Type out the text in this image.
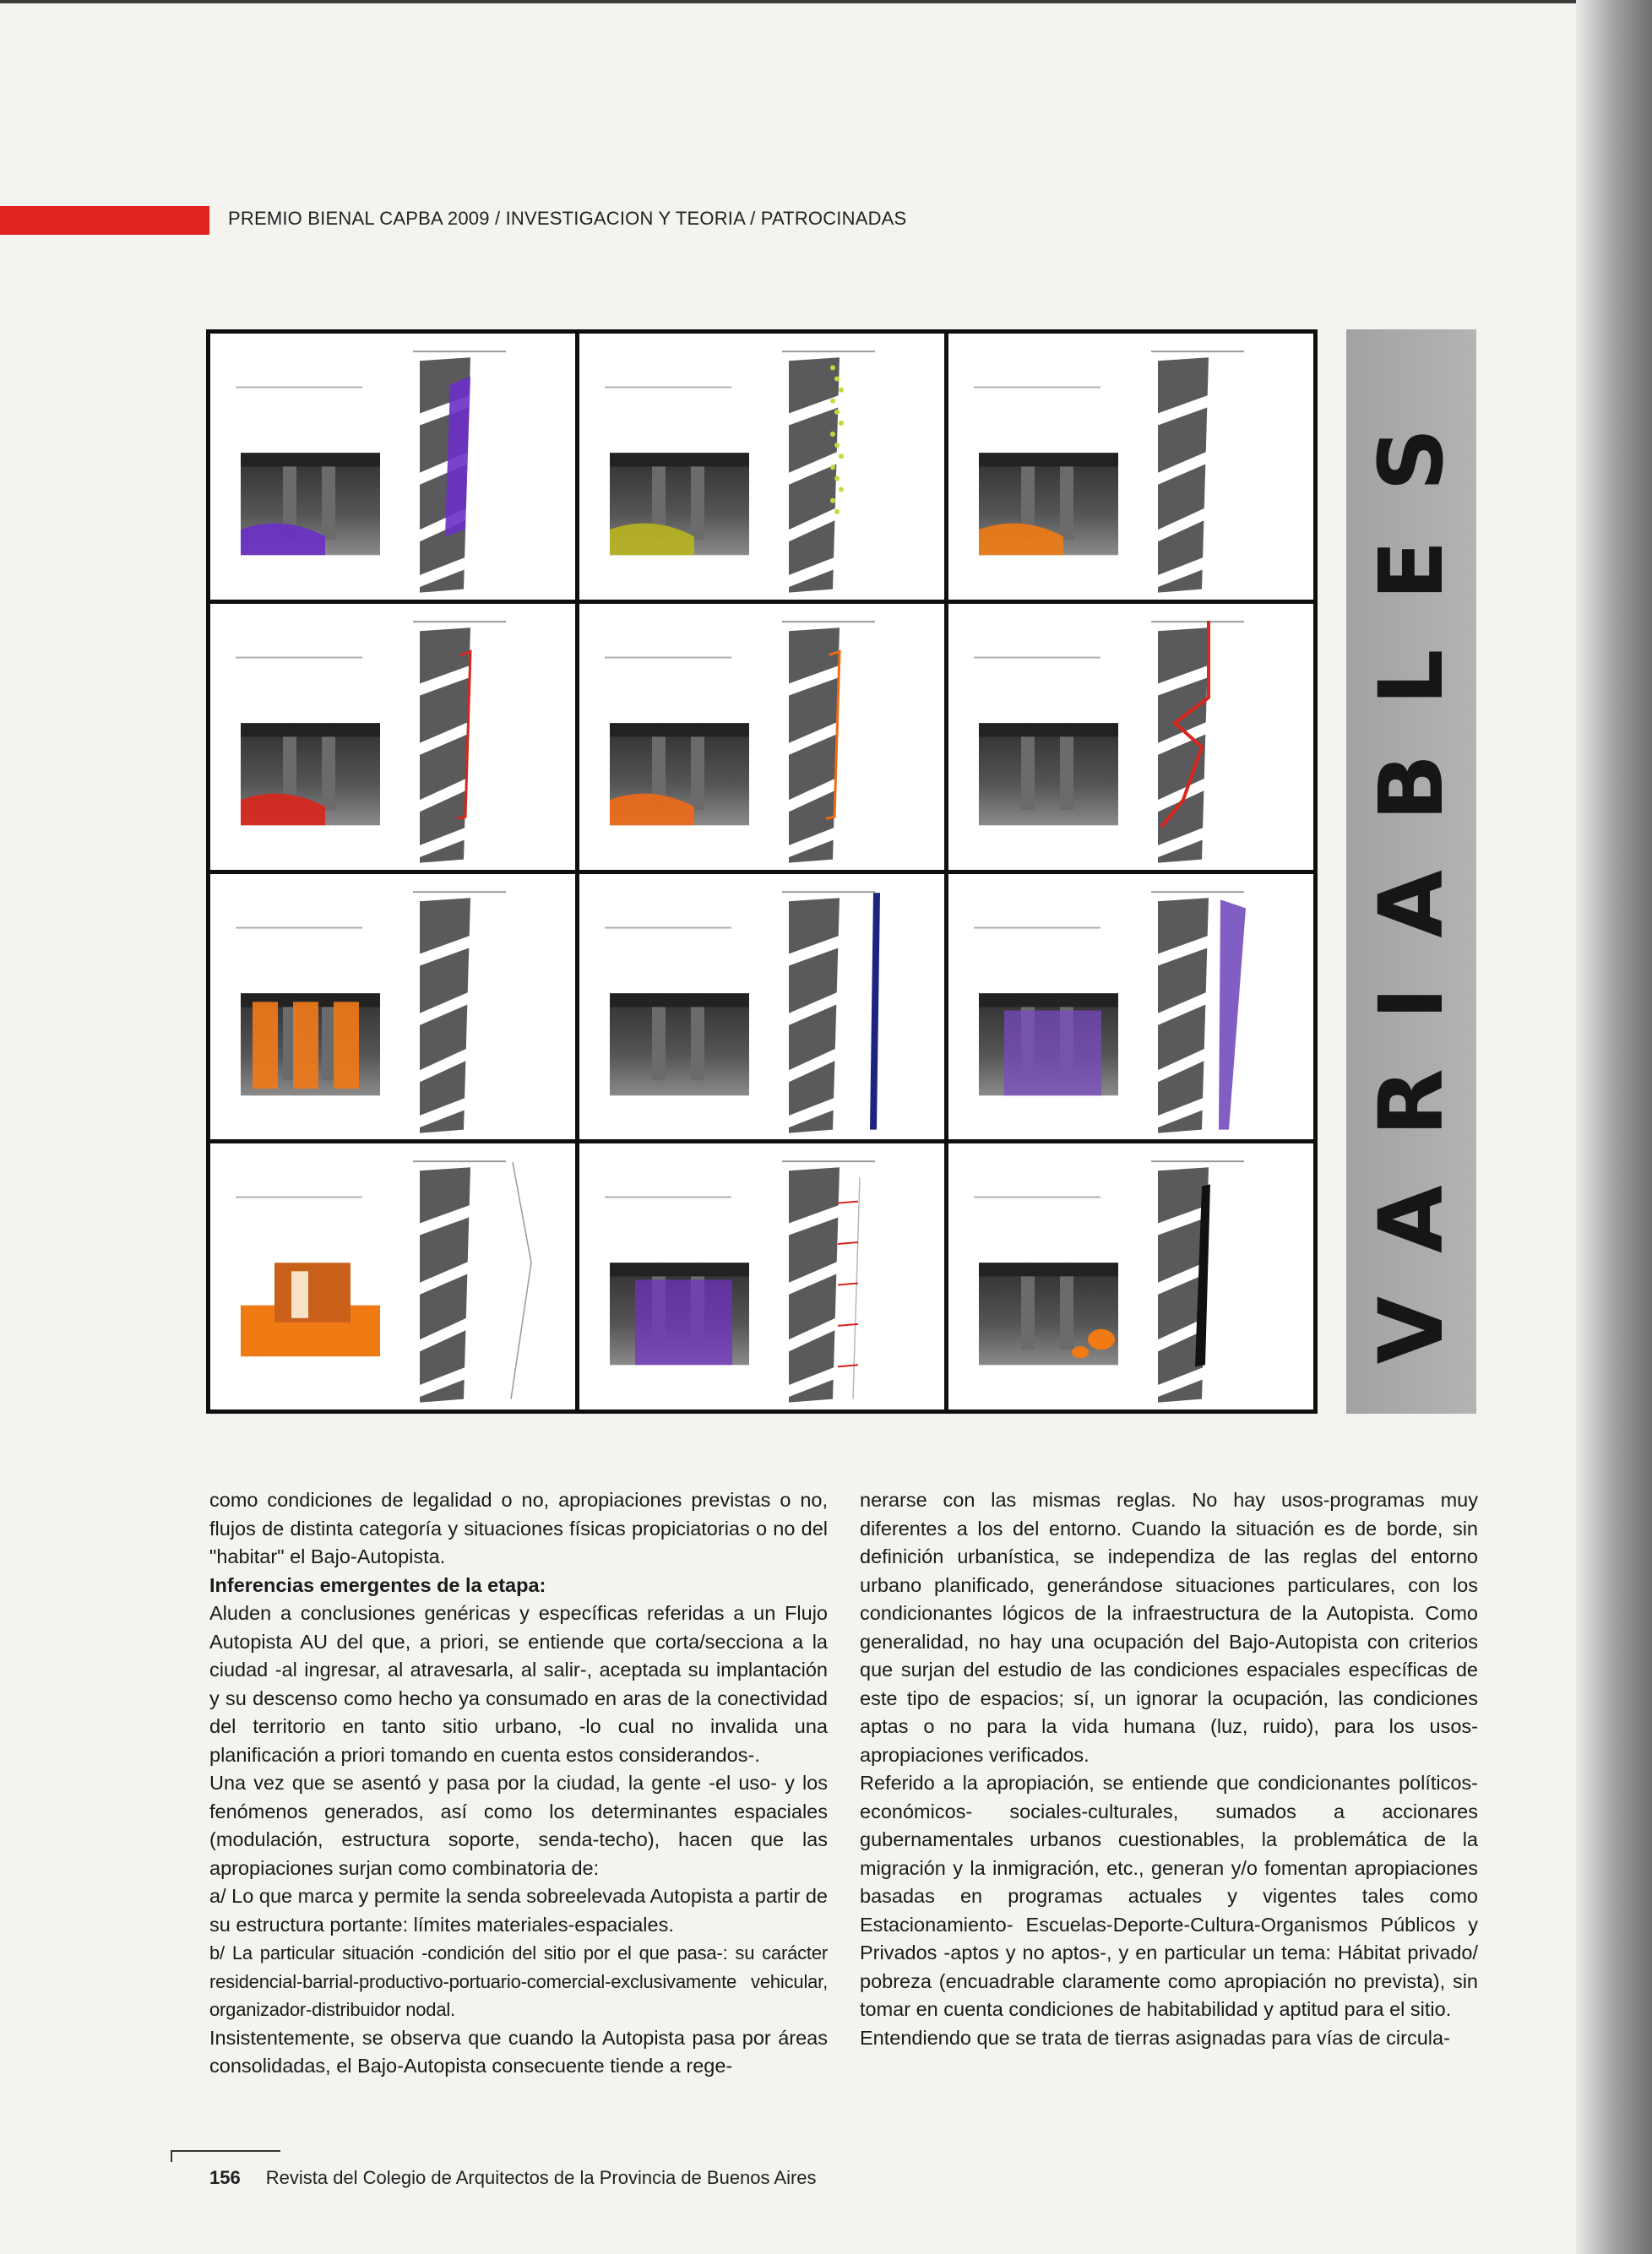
PREMIO BIENAL CAPBA 2009 / INVESTIGACION Y TEORIA / PATROCINADAS
VARIABLES

como condiciones de legalidad o no, apropiaciones previstas o no, flujos de distinta categoría y situaciones físicas propiciatorias o no del "habitar" el Bajo-Autopista.

Inferencias emergentes de la etapa:

Aluden a conclusiones genéricas y específicas referidas a un Flujo Autopista AU del que, a priori, se entiende que corta/secciona a la ciudad -al ingresar, al atravesarla, al salir-, aceptada su implantación y su descenso como hecho ya consumado en aras de la conectividad del territorio en tanto sitio urbano, -lo cual no invalida una planificación a priori tomando en cuenta estos considerandos-.

Una vez que se asentó y pasa por la ciudad, la gente -el uso- y los fenómenos generados, así como los determinantes espaciales (modulación, estructura soporte, senda-techo), hacen que las apropiaciones surjan como combinatoria de:

a/ Lo que marca y permite la senda sobreelevada Autopista a partir de su estructura portante: límites materiales-espaciales.

b/ La particular situación -condición del sitio por el que pasa-: su carácter residencial-barrial-productivo-portuario-comercial-exclusivamente vehicular, organizador-distribuidor nodal.

Insistentemente, se observa que cuando la Autopista pasa por áreas consolidadas, el Bajo-Autopista consecuente tiende a rege-

nerarse con las mismas reglas. No hay usos-programas muy diferentes a los del entorno. Cuando la situación es de borde, sin definición urbanística, se independiza de las reglas del entorno urbano planificado, generándose situaciones particulares, con los condicionantes lógicos de la infraestructura de la Autopista. Como generalidad, no hay una ocupación del Bajo-Autopista con criterios que surjan del estudio de las condiciones espaciales específicas de este tipo de espacios; sí, un ignorar la ocupación, las condiciones aptas o no para la vida humana (luz, ruido), para los usos-apropiaciones verificados.

Referido a la apropiación, se entiende que condicionantes políticos-económicos- sociales-culturales, sumados a accionares gubernamentales urbanos cuestionables, la problemática de la migración y la inmigración, etc., generan y/o fomentan apropiaciones basadas en programas actuales y vigentes tales como Estacionamiento- Escuelas-Deporte-Cultura-Organismos Públicos y Privados -aptos y no aptos-, y en particular un tema: Hábitat privado/ pobreza (encuadrable claramente como apropiación no prevista), sin tomar en cuenta condiciones de habitabilidad y aptitud para el sitio.

Entendiendo que se trata de tierras asignadas para vías de circula-

156 Revista del Colegio de Arquitectos de la Provincia de Buenos Aires
